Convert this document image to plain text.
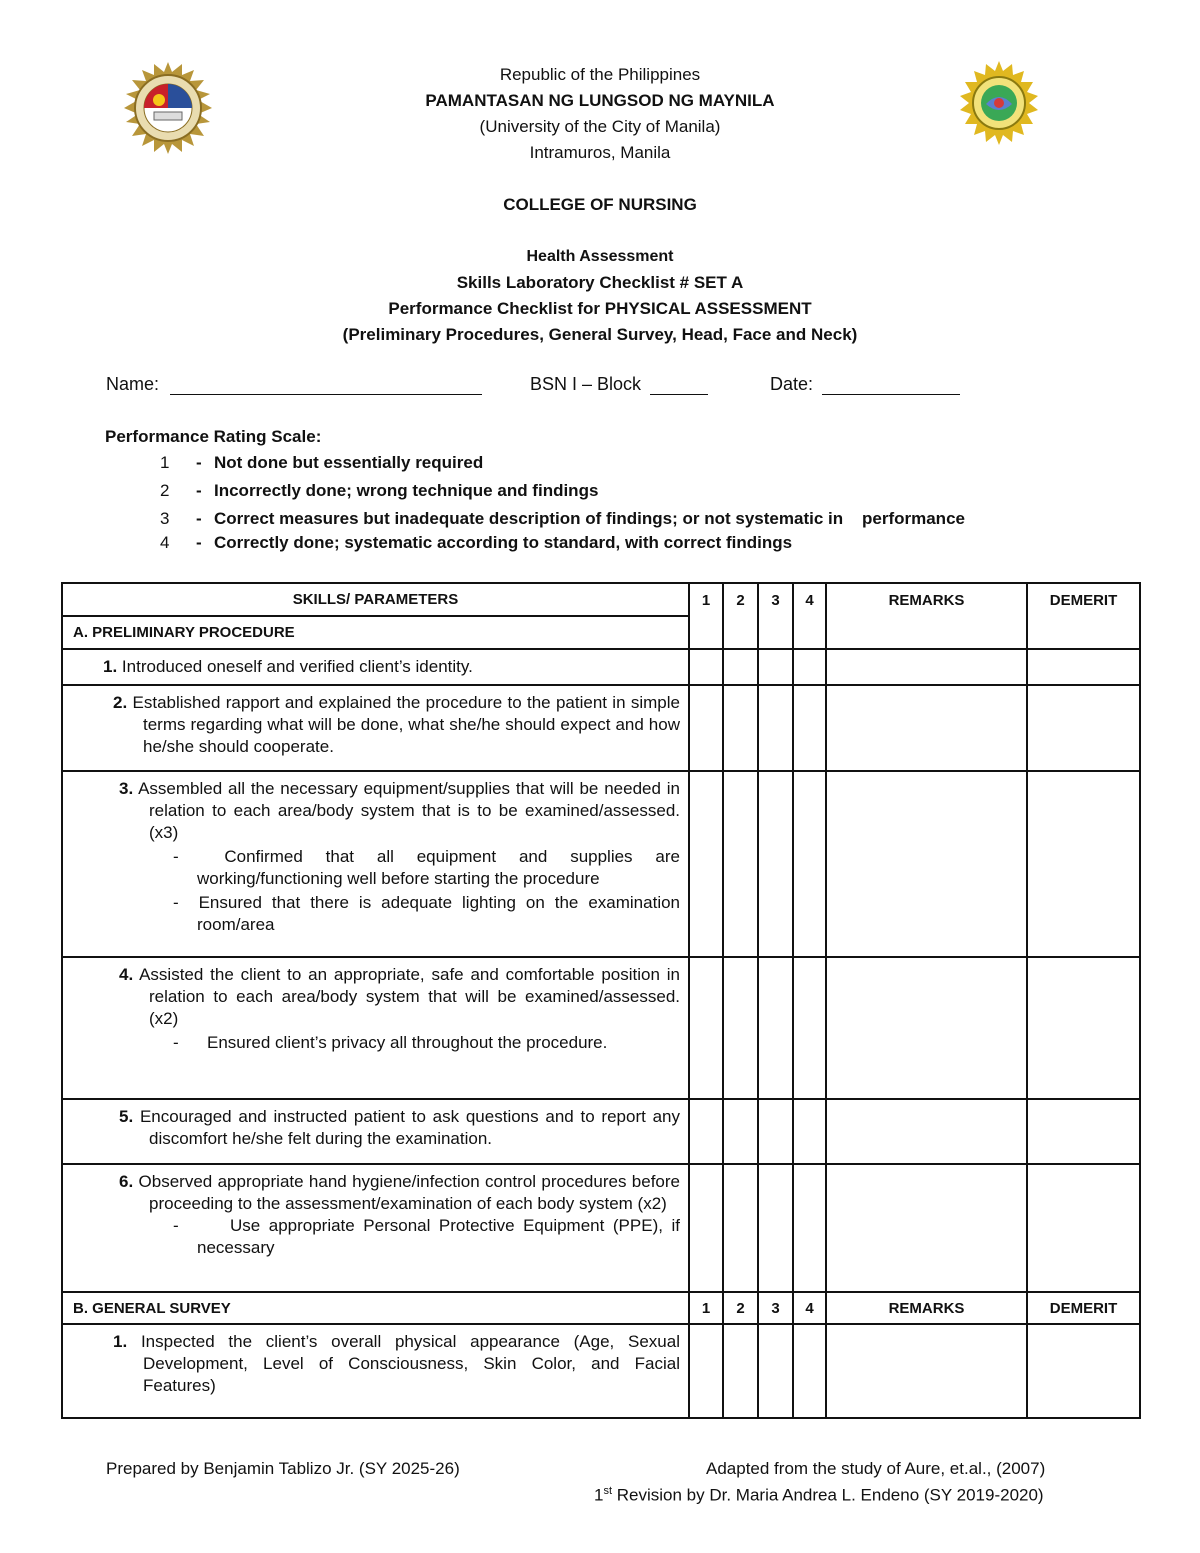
Republic of the Philippines
PAMANTASAN NG LUNGSOD NG MAYNILA
(University of the City of Manila)
Intramuros, Manila
COLLEGE OF NURSING
Health Assessment
Skills Laboratory Checklist # SET A
Performance Checklist for PHYSICAL ASSESSMENT
(Preliminary Procedures, General Survey, Head, Face and Neck)
Name:	BSN I – Block	Date:
Performance Rating Scale:
1 - Not done but essentially required
2 - Incorrectly done; wrong technique and findings
3 - Correct measures but inadequate description of findings; or not systematic in    performance
4 - Correctly done; systematic according to standard, with correct findings
SKILLS/ PARAMETERS	1	2	3	4	REMARKS	DEMERIT
A. PRELIMINARY PROCEDURE						
1. Introduced oneself and verified client’s identity.						

2. Established rapport and explained the procedure to the patient in simple terms regarding what will be done, what she/he should expect and how he/she should cooperate.						

3. Assembled all the necessary equipment/supplies that will be needed in relation to each area/body system that is to be examined/assessed. (x3)
-  Confirmed that all equipment and supplies are working/functioning well before starting the procedure
-  Ensured that there is adequate lighting on the examination room/area						

4. Assisted the client to an appropriate, safe and comfortable position in relation to each area/body system that will be examined/assessed. (x2)
-      Ensured client’s privacy all throughout the procedure.						

5. Encouraged and instructed patient to ask questions and to report any discomfort he/she felt during the examination.						

6. Observed appropriate hand hygiene/infection control procedures before proceeding to the assessment/examination of each body system (x2)
-      Use appropriate Personal Protective Equipment (PPE), if necessary						

B. GENERAL SURVEY	1	2	3	4	REMARKS	DEMERIT

1. Inspected the client’s overall physical appearance (Age, Sexual Development, Level of Consciousness, Skin Color, and Facial Features)						

Prepared by Benjamin Tablizo Jr. (SY 2025-26)	Adapted from the study of Aure, et.al., (2007)
1st Revision by Dr. Maria Andrea L. Endeno (SY 2019-2020)
